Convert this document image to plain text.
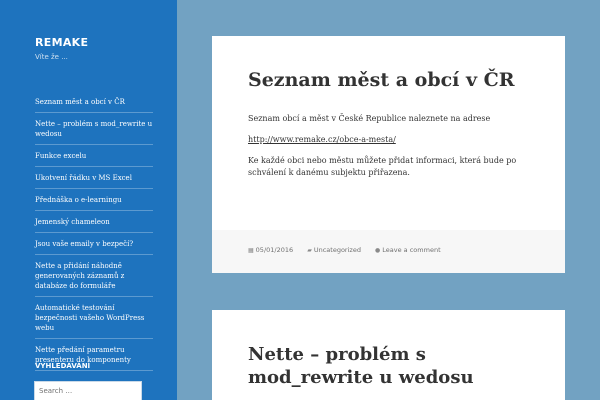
REMAKE
Víte že ...
Seznam měst a obcí v ČR
Nette – problém s mod_rewrite u wedosu
Funkce excelu
Ukotvení řádku v MS Excel
Přednáška o e-learningu
Jemenský chameleon
Jsou vaše emaily v bezpečí?
Nette a přidání náhodně generovaných záznamů z databáze do formuláře
Automatické testování bezpečnosti vašeho WordPress webu
Nette předání parametru presenteru do komponenty
VYHLEDÁVÁNÍ
Search …
Seznam měst a obcí v ČR

Seznam obcí a měst v České Republice naleznete na adrese

http://www.remake.cz/obce-a-mesta/

Ke každé obci nebo městu můžete přidat informaci, která bude po schválení k danému subjektu přiřazena.

▦ 05/01/2016 ▰ Uncategorized ● Leave a comment
Nette – problém s mod_rewrite u wedosu
